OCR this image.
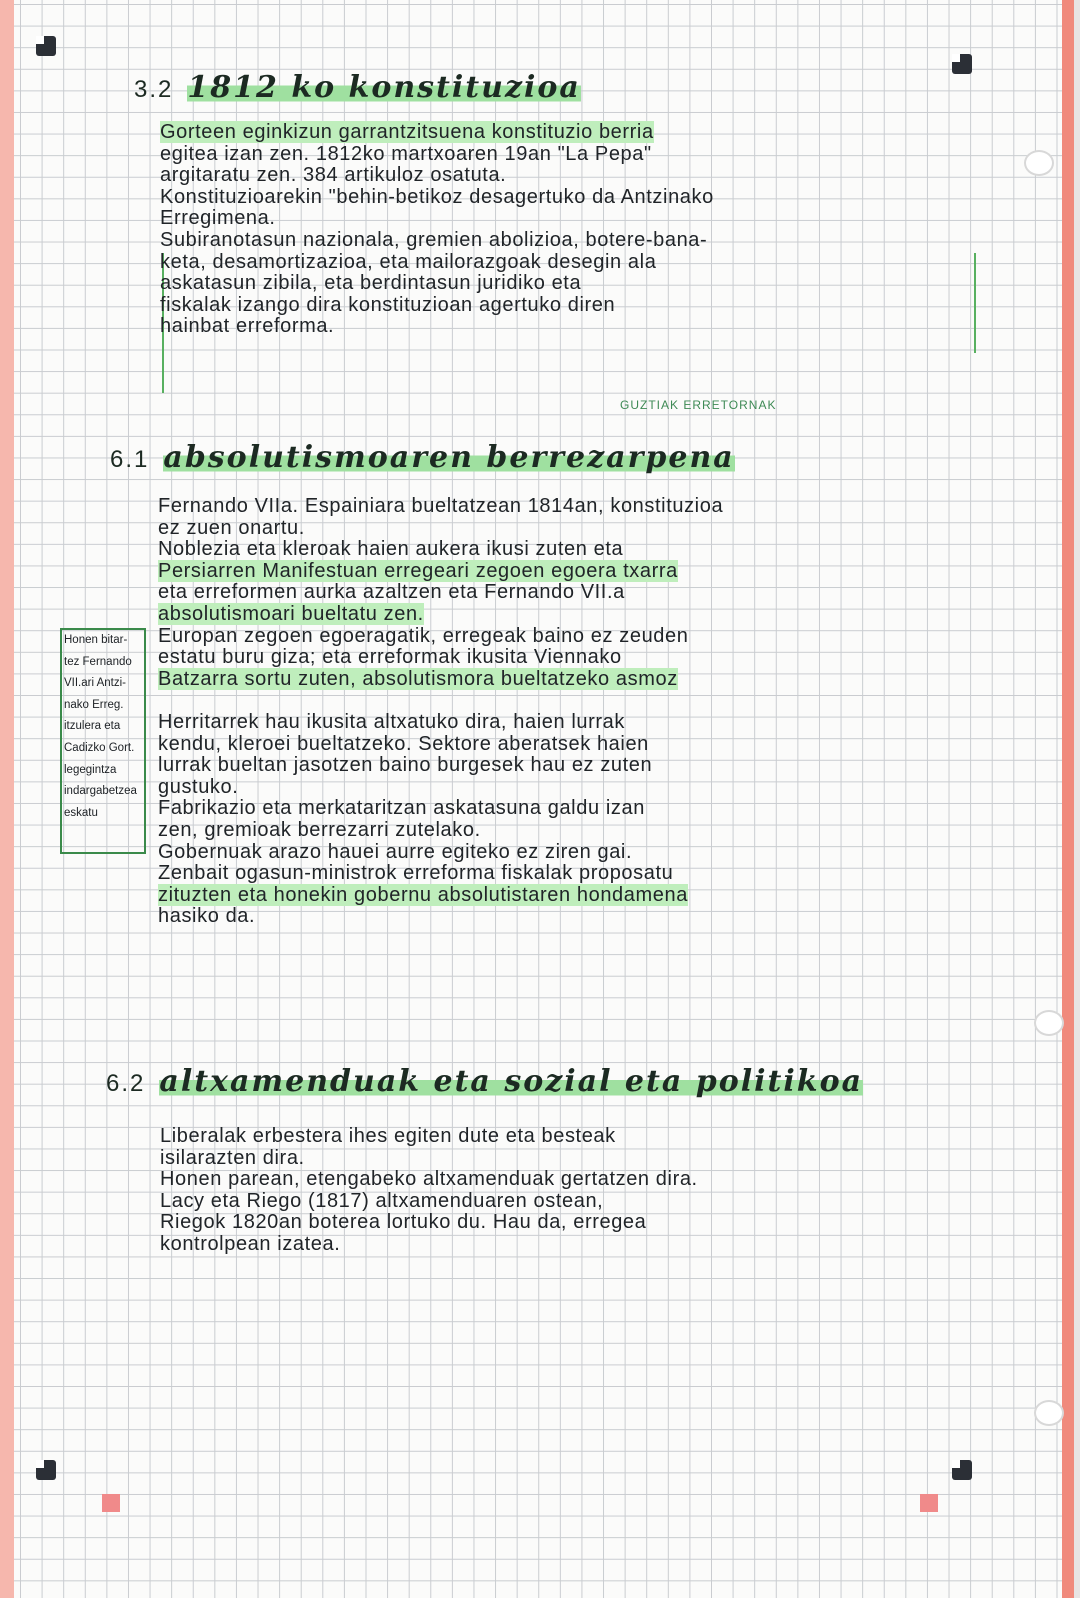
3.2 1812 ko konstituzioa
Gorteen eginkizun garrantzitsuena konstituzio berria
egitea izan zen. 1812ko martxoaren 19an "La Pepa"
argitaratu zen. 384 artikuloz osatuta.
Konstituzioarekin "behin-betikoz desagertuko da Antzinako
Erregimena.
Subiranotasun nazionala, gremien abolizioa, botere-bana-
keta, desamortizazioa, eta mailorazgoak desegin ala
askatasun zibila, eta berdintasun juridiko eta
fiskalak izango dira konstituzioan agertuko diren
hainbat erreforma.
GUZTIAK ERRETORNAK
6.1 absolutismoaren berrezarpena
Fernando VIIa. Espainiara bueltatzean 1814an, konstituzioa
ez zuen onartu.
Noblezia eta kleroak haien aukera ikusi zuten eta
Persiarren Manifestuan erregeari zegoen egoera txarra
eta erreformen aurka azaltzen eta Fernando VII.a
absolutismoari bueltatu zen.
Europan zegoen egoeragatik, erregeak baino ez zeuden
estatu buru giza; eta erreformak ikusita Viennako
Batzarra sortu zuten, absolutismora bueltatzeko asmoz
Herritarrek hau ikusita altxatuko dira, haien lurrak
kendu, kleroei bueltatzeko. Sektore aberatsek haien
lurrak bueltan jasotzen baino burgesek hau ez zuten
gustuko.
Fabrikazio eta merkataritzan askatasuna galdu izan
zen, gremioak berrezarri zutelako.
Gobernuak arazo hauei aurre egiteko ez ziren gai.
Zenbait ogasun-ministrok erreforma fiskalak proposatu
zituzten eta honekin gobernu absolutistaren hondamena
hasiko da.
Honen bitar-
tez Fernando
VII.ari Antzi-
nako Erreg.
itzulera eta
Cadizko Gort.
legegintza
indargabetzea
eskatu
6.2 altxamenduak eta sozial eta politikoa
Liberalak erbestera ihes egiten dute eta besteak
isilarazten dira.
Honen parean, etengabeko altxamenduak gertatzen dira.
Lacy eta Riego (1817) altxamenduaren ostean,
Riegok 1820an boterea lortuko du. Hau da, erregea
kontrolpean izatea.
